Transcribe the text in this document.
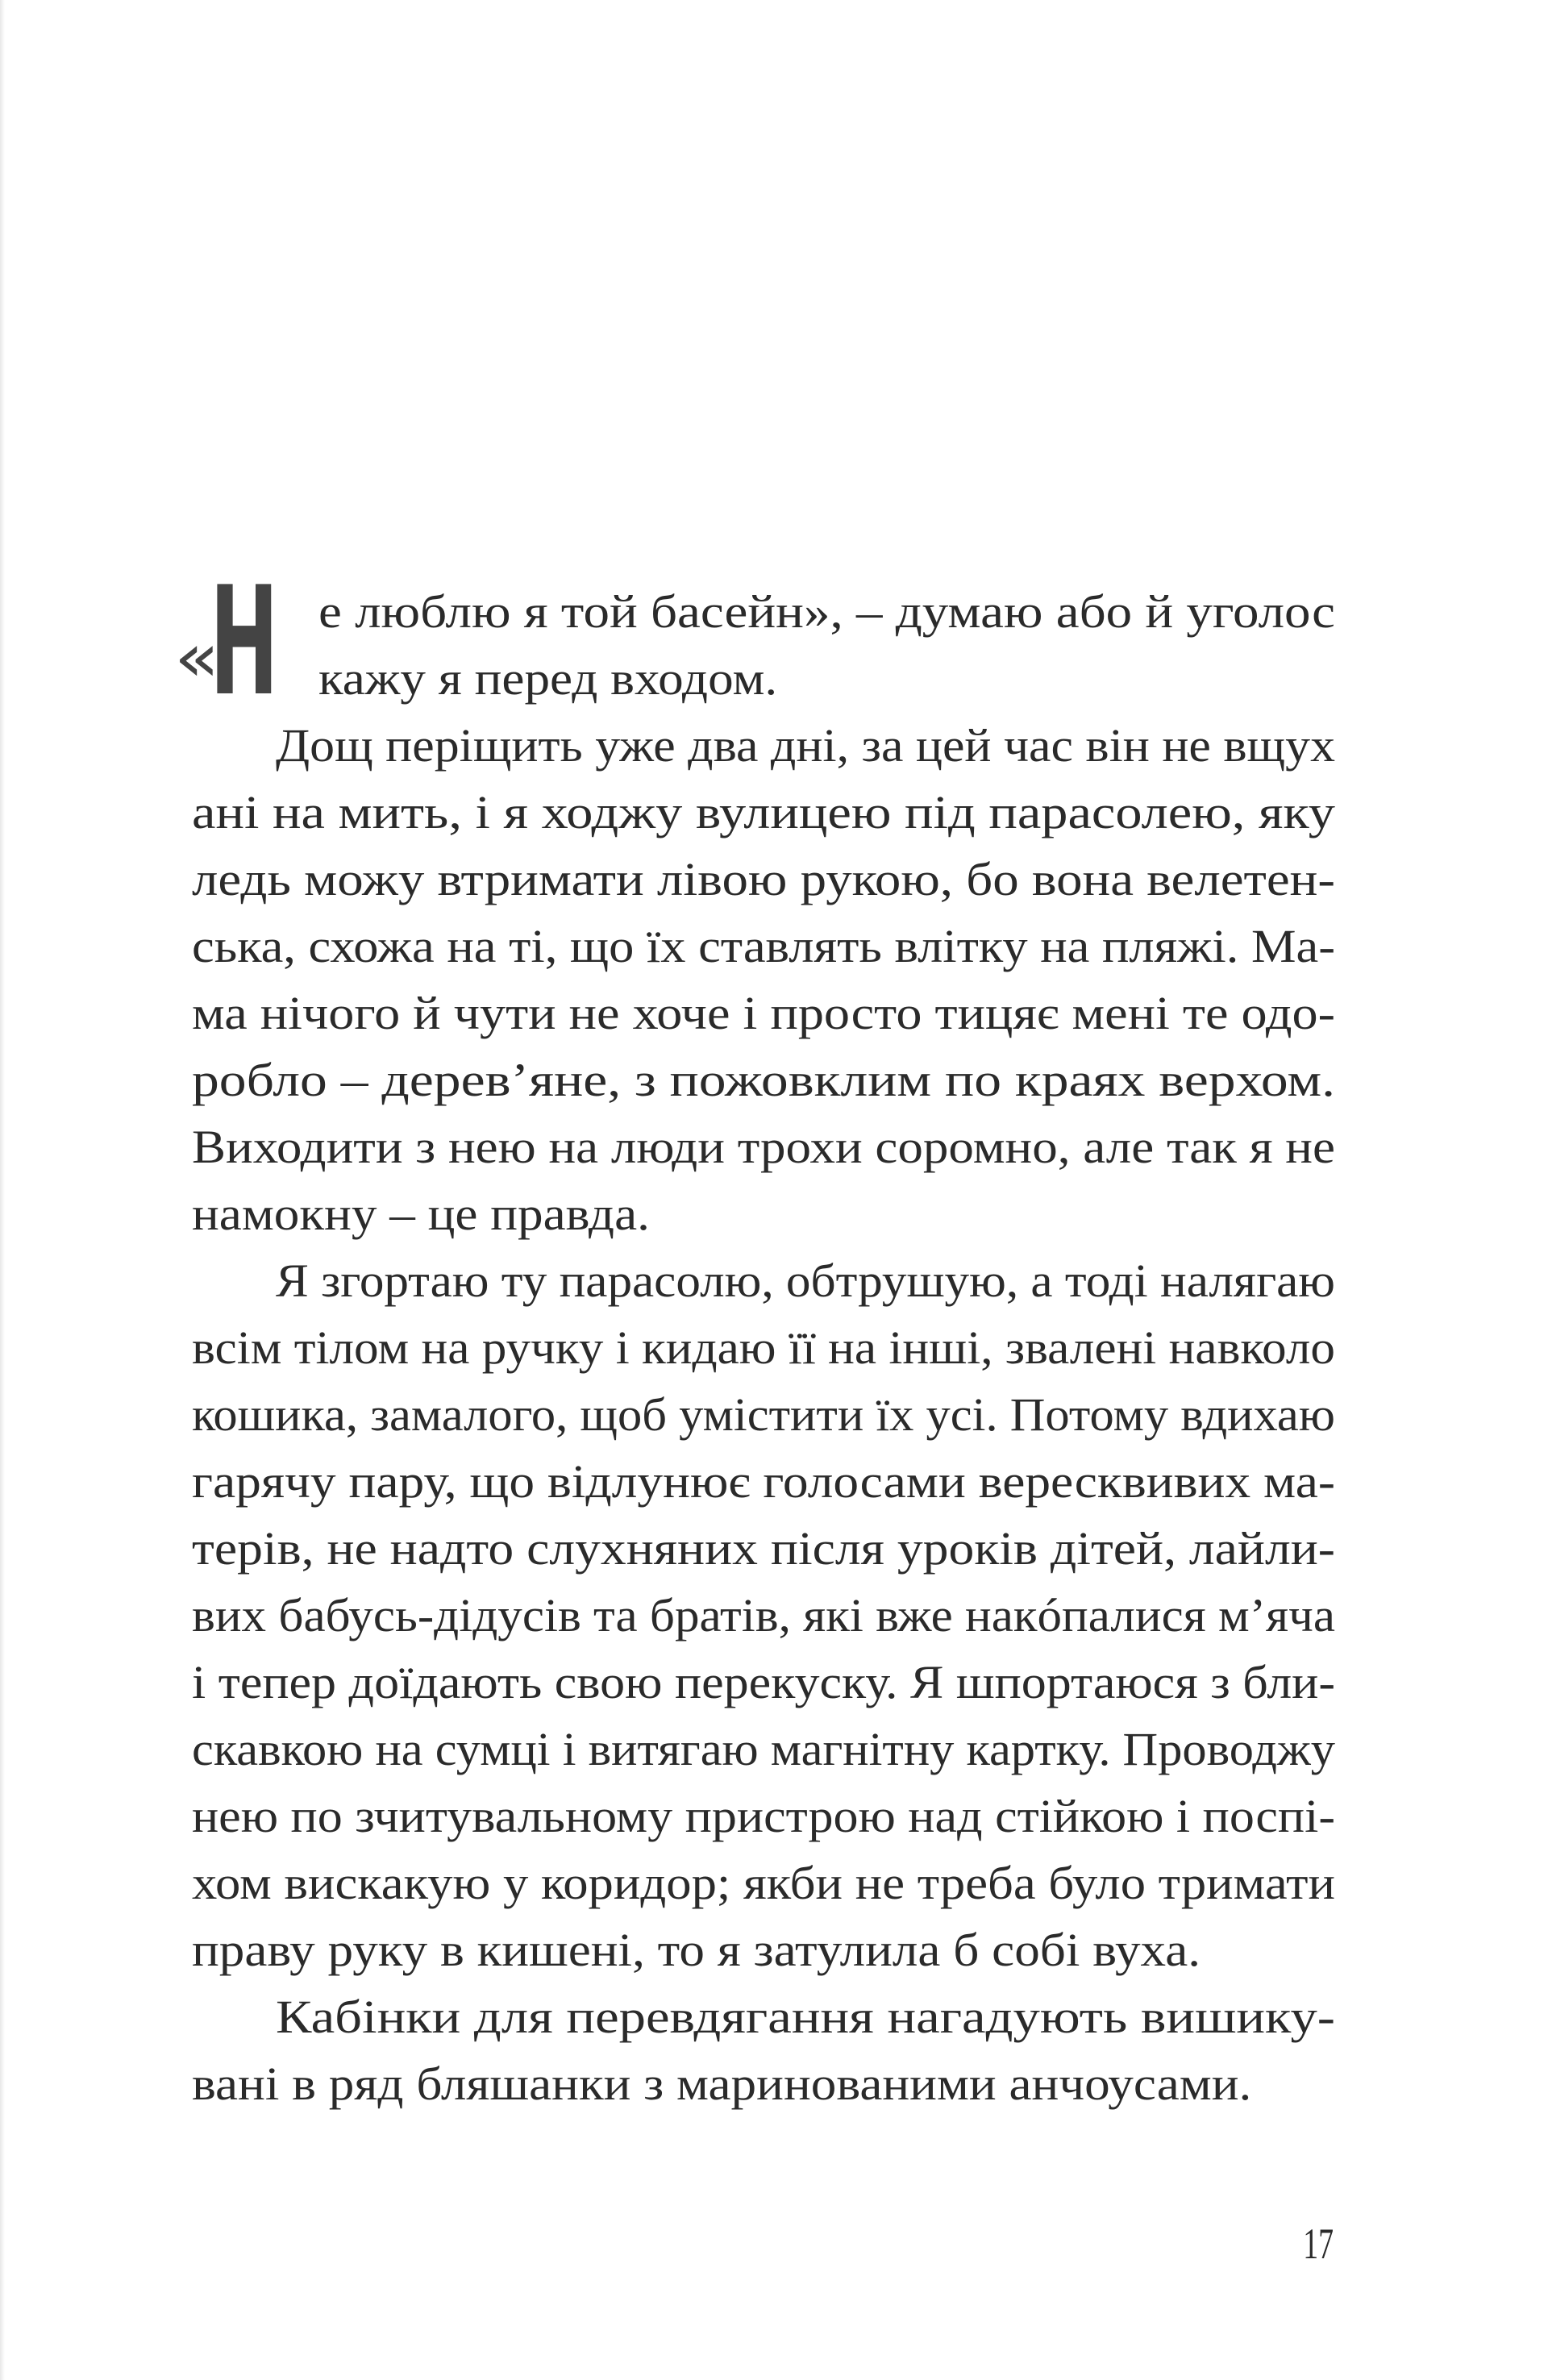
« Н е люблю я той басейн», – думаю або й уголос
кажу я перед входом.
Дощ періщить уже два дні, за цей час він не вщух
ані на мить, і я ходжу вулицею під парасолею, яку
ледь можу втримати лівою рукою, бо вона велетен-
ська, схожа на ті, що їх ставлять влітку на пляжі. Ма-
ма нічого й чути не хоче і просто тицяє мені те одо-
робло – дерев’яне, з пожовклим по краях верхом.
Виходити з нею на люди трохи соромно, але так я не
намокну – це правда.
Я згортаю ту парасолю, обтрушую, а тоді налягаю
всім тілом на ручку і кидаю її на інші, звалені навколо
кошика, замалого, щоб умістити їх усі. Потому вдихаю
гарячу пару, що відлунює голосами вересквивих ма-
терів, не надто слухняних після уроків дітей, лайли-
вих бабусь-дідусів та братів, які вже накóпалися м’яча
і тепер доїдають свою перекуску. Я шпортаюся з бли-
скавкою на сумці і витягаю магнітну картку. Проводжу
нею по зчитувальному пристрою над стійкою і поспі-
хом вискакую у коридор; якби не треба було тримати
праву руку в кишені, то я затулила б собі вуха.
Кабінки для перевдягання нагадують вишику-
вані в ряд бляшанки з маринованими анчоусами.
17
